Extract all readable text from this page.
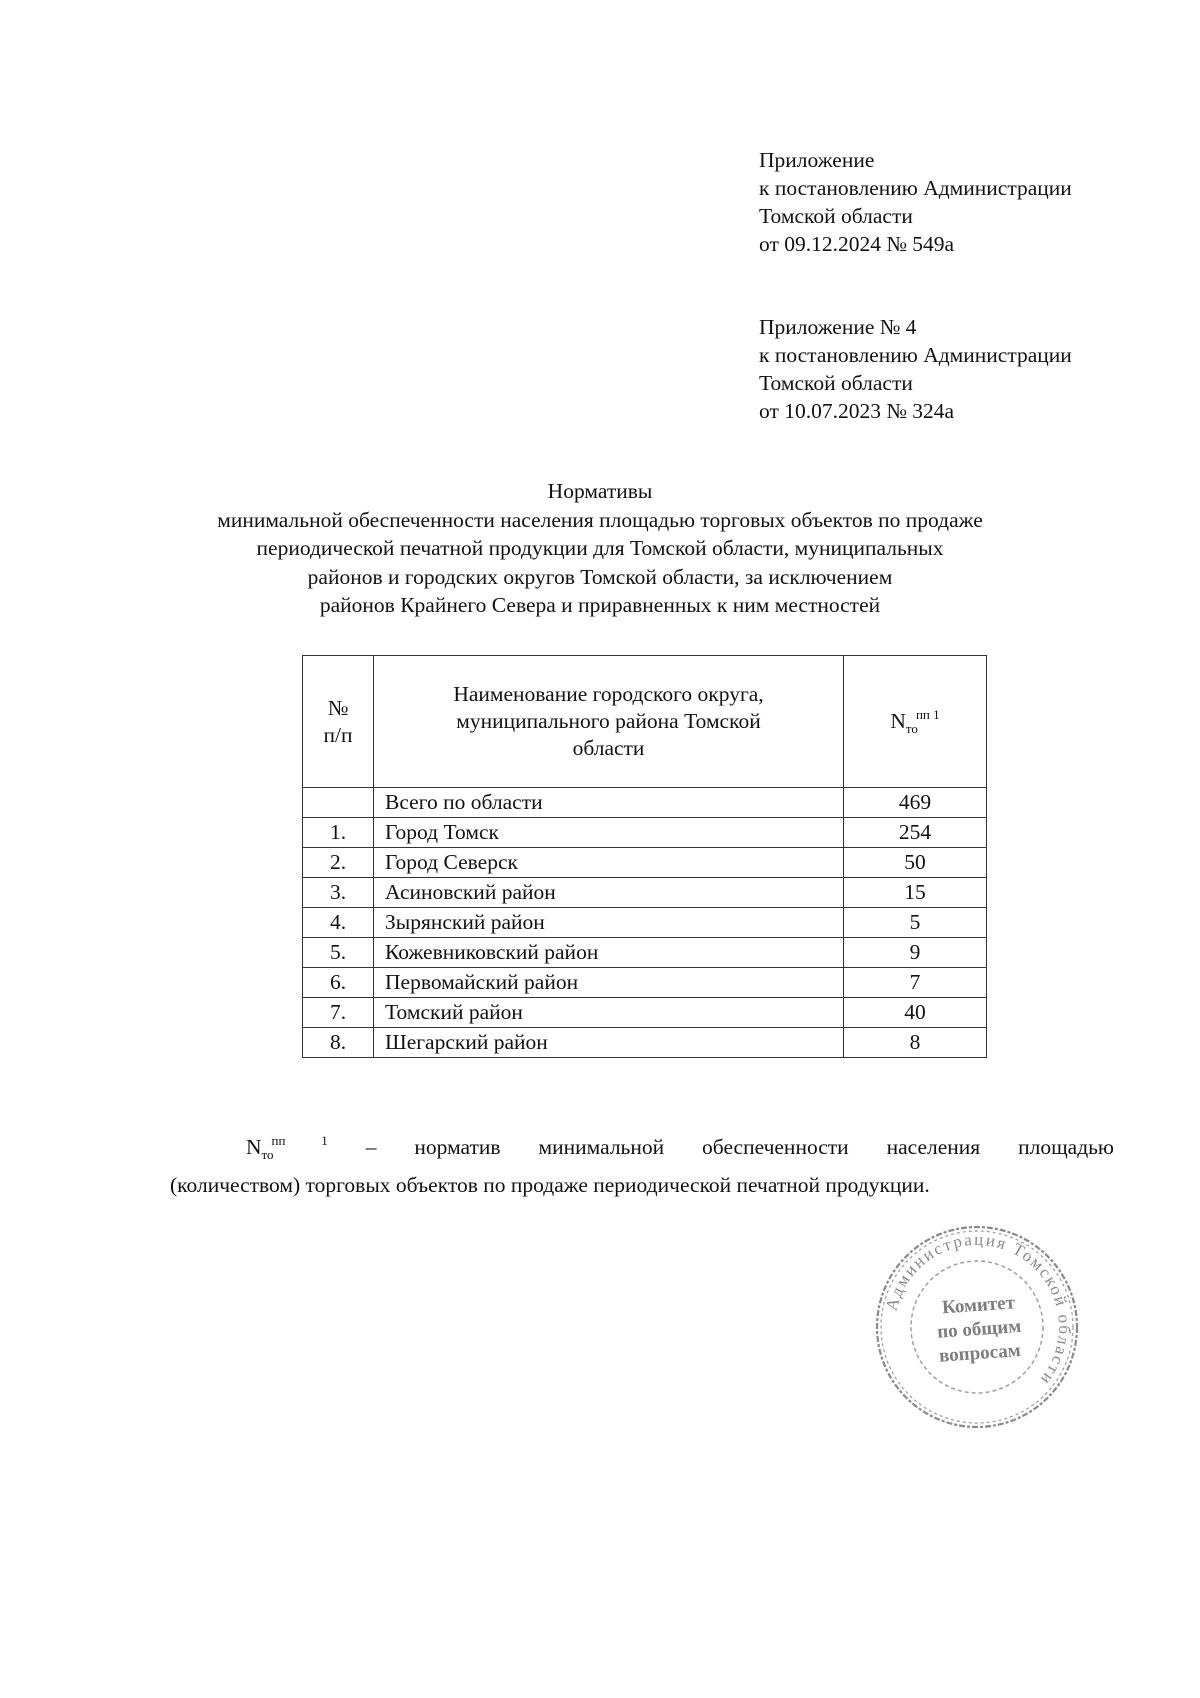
Приложение
к постановлению Администрации
Томской области
от 09.12.2024 № 549а
Приложение № 4
к постановлению Администрации
Томской области
от 10.07.2023 № 324а
Нормативы
минимальной обеспеченности населения площадью торговых объектов по продаже
периодической печатной продукции для Томской области, муниципальных
районов и городских округов Томской области, за исключением
районов Крайнего Севера и приравненных к ним местностей
№
п/п	Наименование городского округа, муниципального района Томской области	$N_{то}^{пп 1}$
	Всего по области	469
1.	Город Томск	254
2.	Город Северск	50
3.	Асиновский район	15
4.	Зырянский район	5
5.	Кожевниковский район	9
6.	Первомайский район	7
7.	Томский район	40
8.	Шегарский район	8
$N_{то}^{пп 1}$ – норматив минимальной обеспеченности населения площадью
(количеством) торговых объектов по продаже периодической печатной продукции.
Администрация Томской области
Комитет
по общим
вопросам
